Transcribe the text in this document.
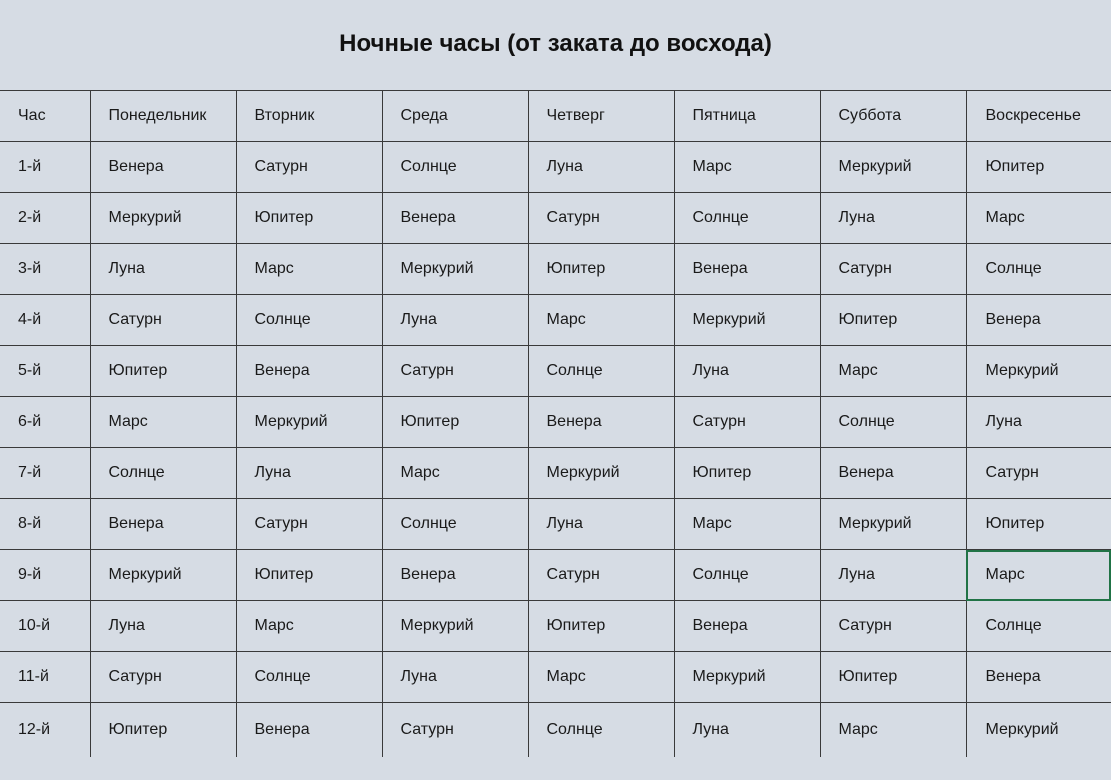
Ночные часы (от заката до восхода)
Час	Понедельник	Вторник	Среда	Четверг	Пятница	Суббота	Воскресенье
1-й	Венера	Сатурн	Солнце	Луна	Марс	Меркурий	Юпитер
2-й	Меркурий	Юпитер	Венера	Сатурн	Солнце	Луна	Марс
3-й	Луна	Марс	Меркурий	Юпитер	Венера	Сатурн	Солнце
4-й	Сатурн	Солнце	Луна	Марс	Меркурий	Юпитер	Венера
5-й	Юпитер	Венера	Сатурн	Солнце	Луна	Марс	Меркурий
6-й	Марс	Меркурий	Юпитер	Венера	Сатурн	Солнце	Луна
7-й	Солнце	Луна	Марс	Меркурий	Юпитер	Венера	Сатурн
8-й	Венера	Сатурн	Солнце	Луна	Марс	Меркурий	Юпитер
9-й	Меркурий	Юпитер	Венера	Сатурн	Солнце	Луна	Марс
10-й	Луна	Марс	Меркурий	Юпитер	Венера	Сатурн	Солнце
11-й	Сатурн	Солнце	Луна	Марс	Меркурий	Юпитер	Венера
12-й	Юпитер	Венера	Сатурн	Солнце	Луна	Марс	Меркурий
